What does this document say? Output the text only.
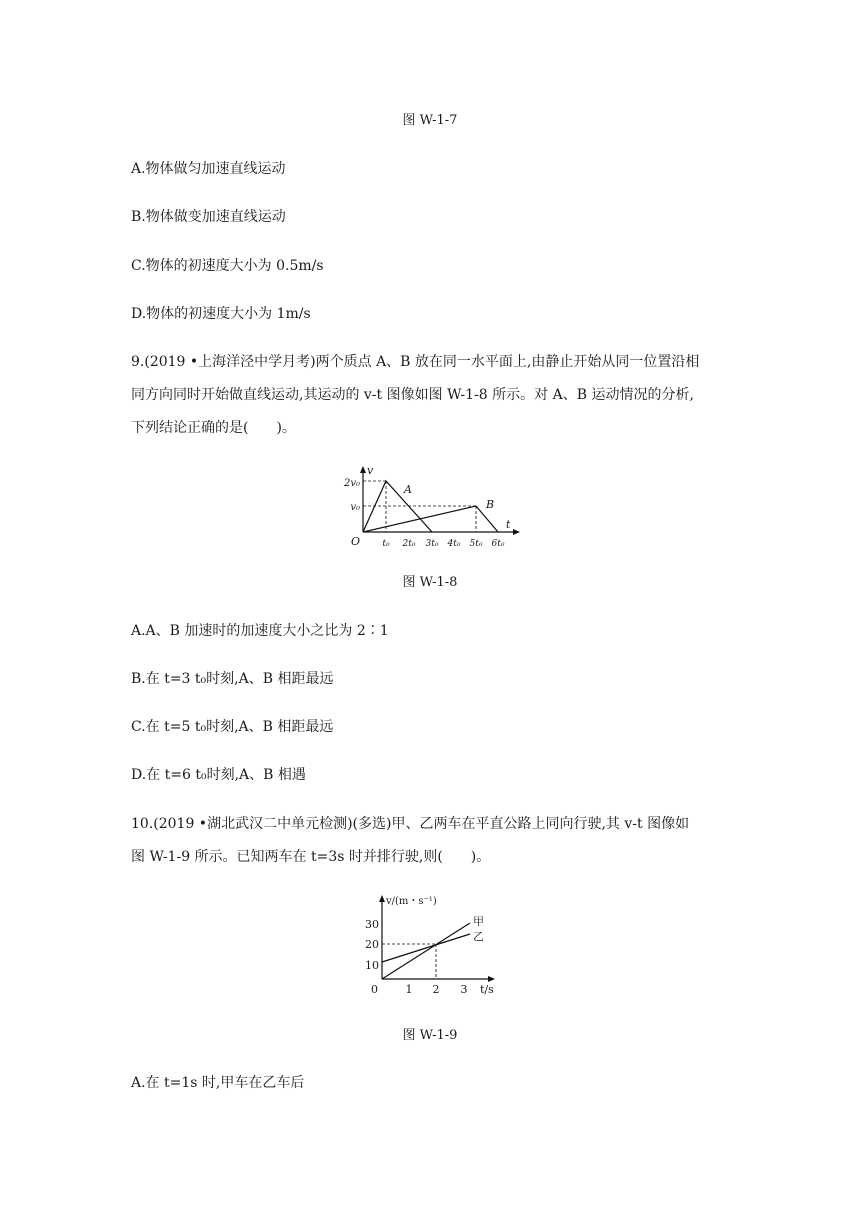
图 W-1-7
A.物体做匀加速直线运动
B.物体做变加速直线运动
C.物体的初速度大小为 0.5m/s
D.物体的初速度大小为 1m/s
9.(2019 •上海洋泾中学月考)两个质点 A、B 放在同一水平面上,由静止开始从同一位置沿相
同方向同时开始做直线运动,其运动的 v-t 图像如图 W-1-8 所示。对 A、B 运动情况的分析,
下列结论正确的是(　　)。
v
t
O
2v₀
v₀
A
B
t₀ 2t₀ 3t₀ 4t₀ 5t₀ 6t₀
图 W-1-8
A.A、B 加速时的加速度大小之比为 2∶1
B.在 t=3 t₀时刻,A、B 相距最远
C.在 t=5 t₀时刻,A、B 相距最远
D.在 t=6 t₀时刻,A、B 相遇
10.(2019 •湖北武汉二中单元检测)(多选)甲、乙两车在平直公路上同向行驶,其 v-t 图像如
图 W-1-9 所示。已知两车在 t=3s 时并排行驶,则(　　)。
v/(m・s⁻¹)
t/s
0
10
20
30	甲
乙
1 2 3
图 W-1-9
A.在 t=1s 时,甲车在乙车后
